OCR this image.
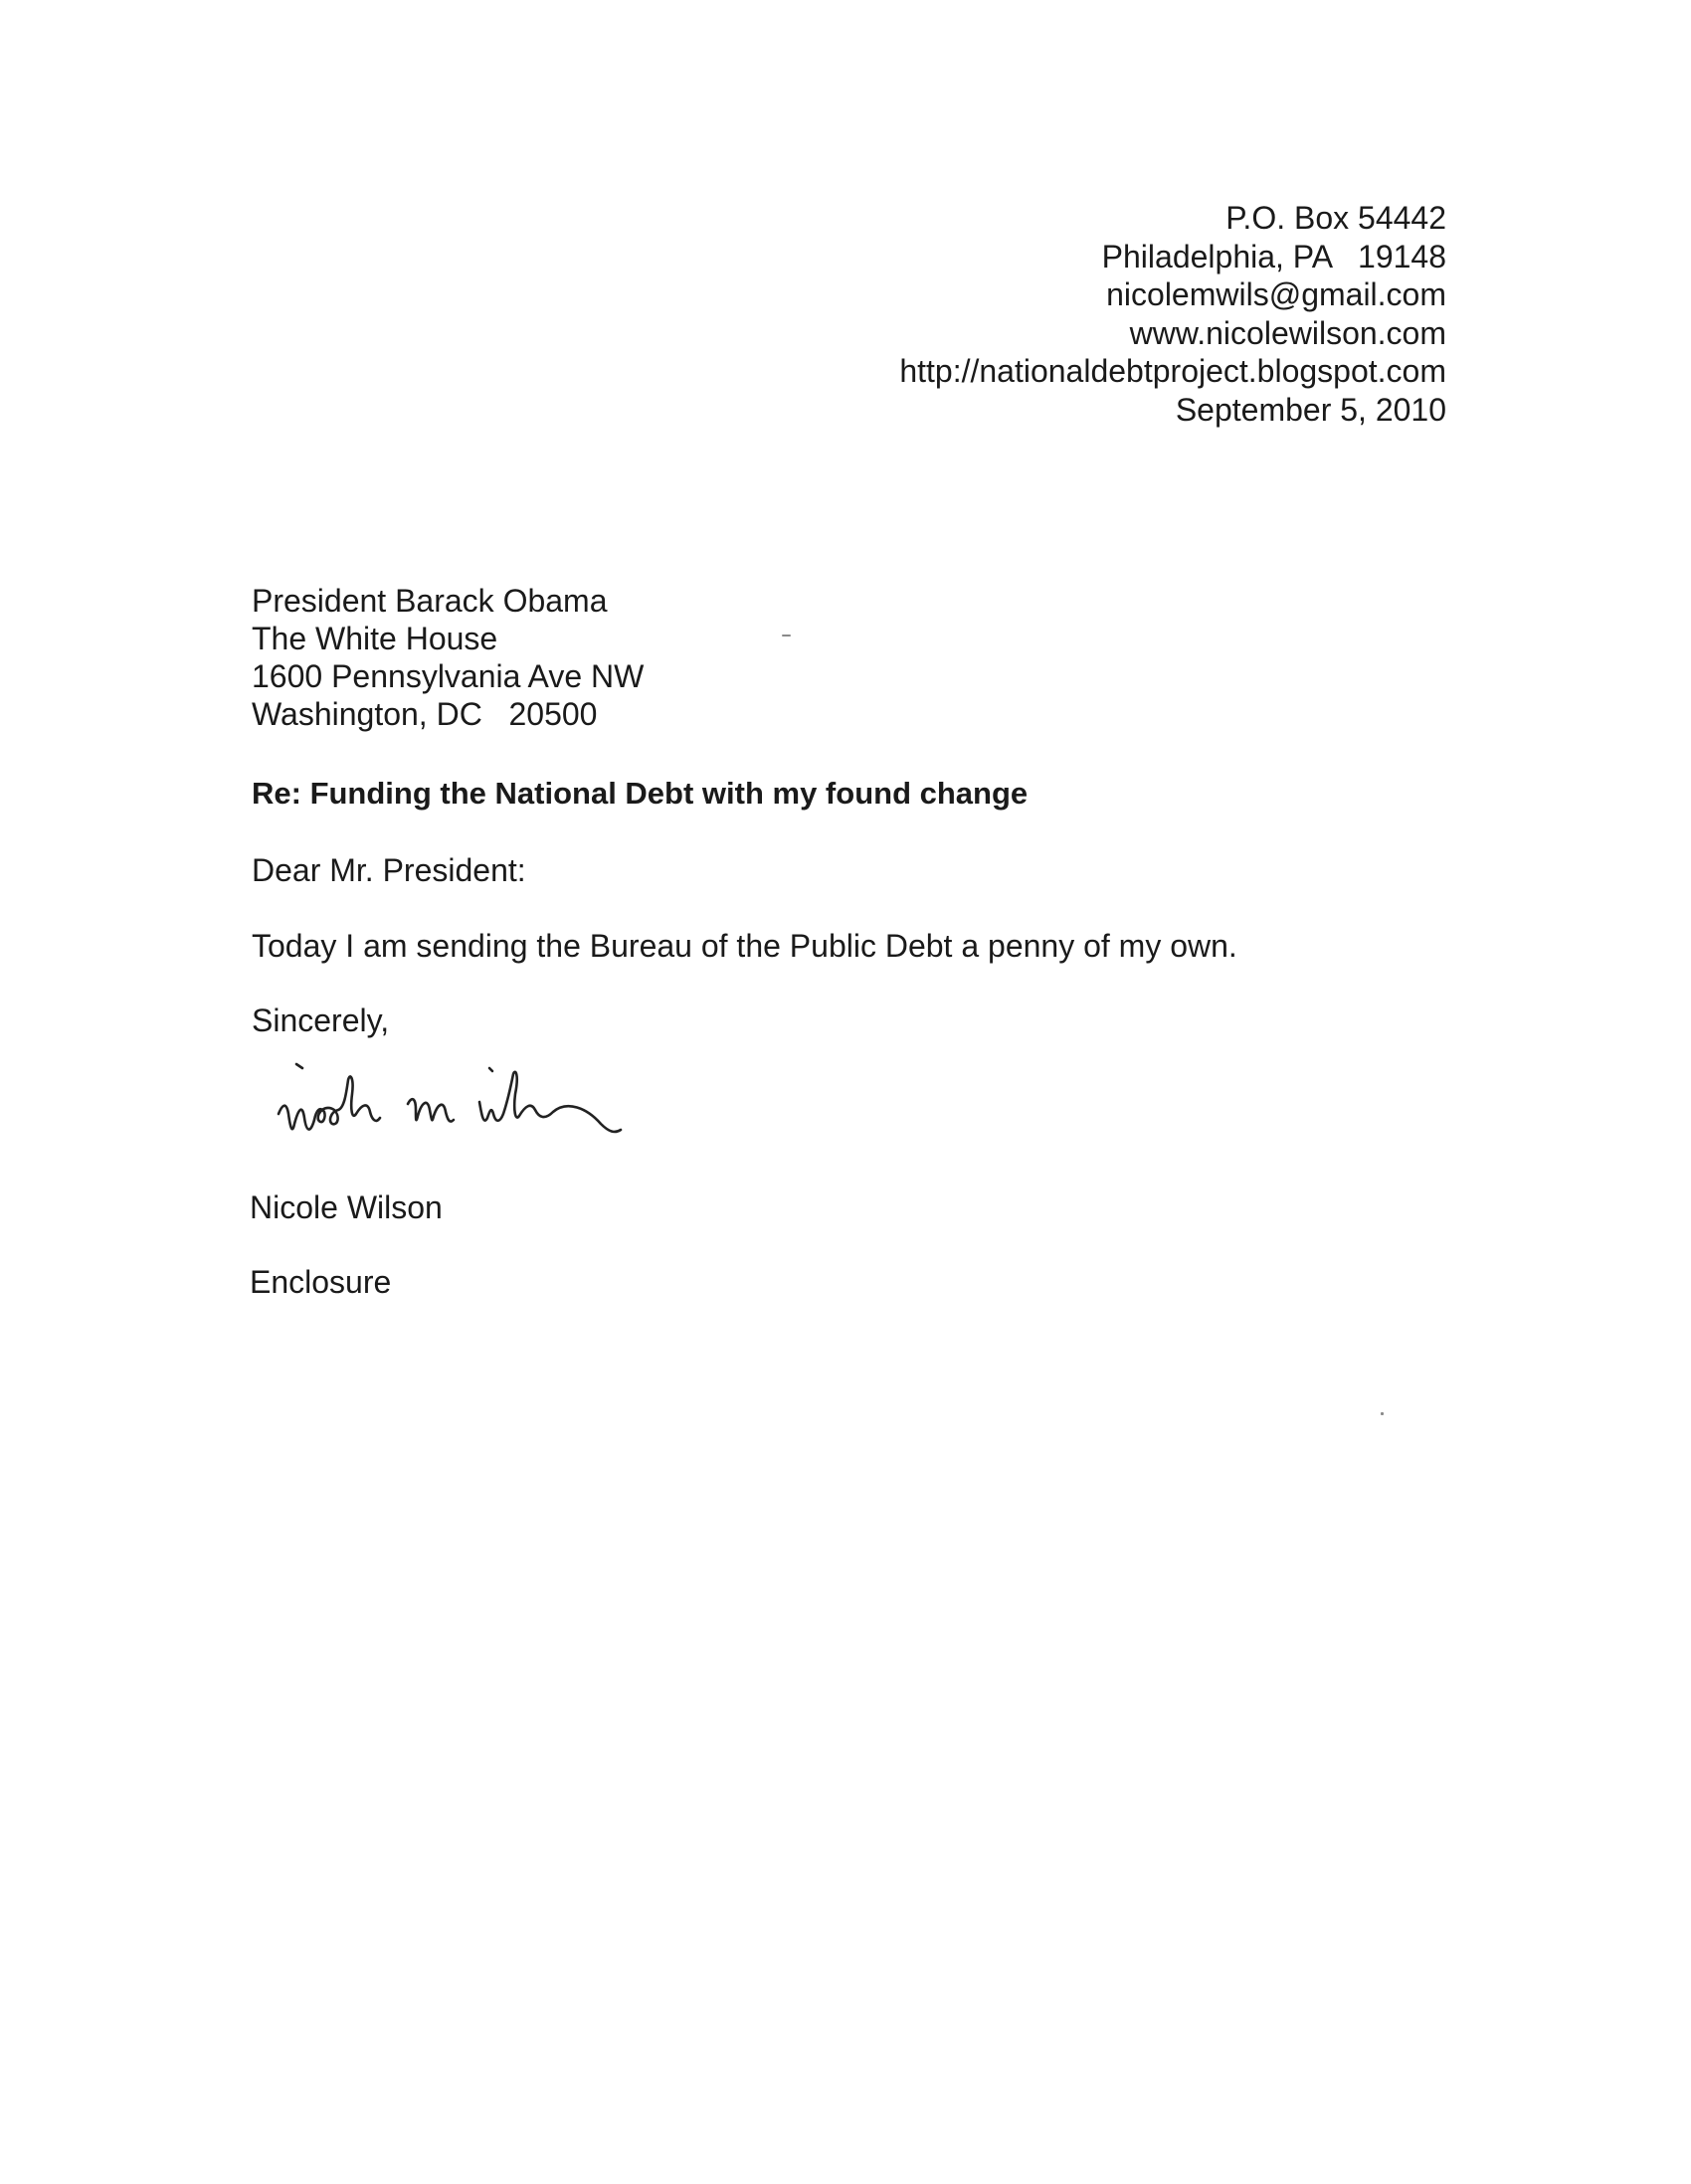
P.O. Box 54442
Philadelphia, PA   19148
nicolemwils@gmail.com
www.nicolewilson.com
http://nationaldebtproject.blogspot.com
September 5, 2010
President Barack Obama
The White House
1600 Pennsylvania Ave NW
Washington, DC   20500
Re: Funding the National Debt with my found change
Dear Mr. President:
Today I am sending the Bureau of the Public Debt a penny of my own.
Sincerely,
Nicole Wilson
Enclosure
